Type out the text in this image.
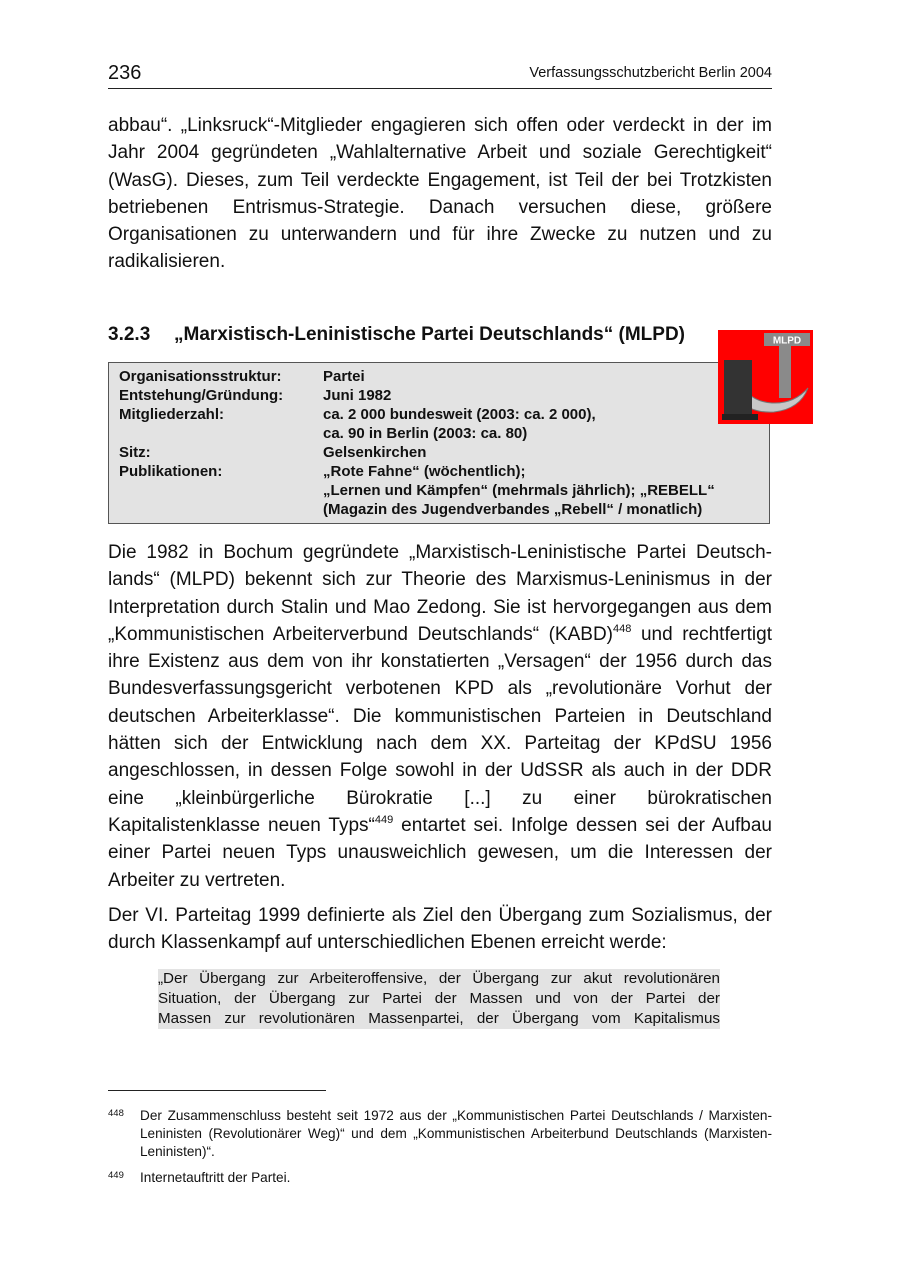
236	Verfassungsschutzbericht Berlin 2004

abbau“. „Linksruck“-Mitglieder engagieren sich offen oder verdeckt in der im Jahr 2004 gegründeten „Wahlalternative Arbeit und soziale Gerechtigkeit“ (WasG). Dieses, zum Teil verdeckte Engagement, ist Teil der bei Trotzkisten betriebenen Entrismus-Strategie. Danach versuchen diese, größere Organisationen zu unterwandern und für ihre Zwecke zu nutzen und zu radikalisieren.

3.2.3 „Marxistisch-Leninistische Partei Deutschlands“ (MLPD)
Organisationsstruktur:	Partei
Entstehung/Gründung:	Juni 1982
Mitgliederzahl:	ca. 2 000 bundesweit (2003: ca. 2 000),
ca. 90 in Berlin (2003: ca. 80)
Sitz:	Gelsenkirchen
Publikationen:	„Rote Fahne“ (wöchentlich);
„Lernen und Kämpfen“ (mehrmals jährlich); „REBELL“
(Magazin des Jugendverbandes „Rebell“ / monatlich)
MLPD

Die 1982 in Bochum gegründete „Marxistisch-Leninistische Partei Deutschlands“ (MLPD) bekennt sich zur Theorie des Marxismus-Leninismus in der Interpretation durch Stalin und Mao Zedong. Sie ist hervorgegangen aus dem „Kommunistischen Arbeiterverbund Deutschlands“ (KABD)$^{448}$ und rechtfertigt ihre Existenz aus dem von ihr konstatierten „Versagen“ der 1956 durch das Bundesverfassungsgericht verbotenen KPD als „revolutionäre Vorhut der deutschen Arbeiterklasse“. Die kommunistischen Parteien in Deutschland hätten sich der Entwicklung nach dem XX. Parteitag der KPdSU 1956 angeschlossen, in dessen Folge sowohl in der UdSSR als auch in der DDR eine „kleinbürgerliche Bürokratie [...] zu einer bürokratischen Kapitalistenklasse neuen Typs“$^{449}$ entartet sei. Infolge dessen sei der Aufbau einer Partei neuen Typs unausweichlich gewesen, um die Interessen der Arbeiter zu vertreten.

Der VI. Parteitag 1999 definierte als Ziel den Übergang zum Sozialismus, der durch Klassenkampf auf unterschiedlichen Ebenen erreicht werde:

„Der Übergang zur Arbeiteroffensive, der Übergang zur akut revolutionären
Situation, der Übergang zur Partei der Massen und von der Partei der
Massen zur revolutionären Massenpartei, der Übergang vom Kapitalismus
448 Der Zusammenschluss besteht seit 1972 aus der „Kommunistischen Partei Deutschlands / Marxisten-Leninisten (Revolutionärer Weg)“ und dem „Kommunistischen Arbeiterbund Deutschlands (Marxisten-Leninisten)“.
449 Internetauftritt der Partei.
